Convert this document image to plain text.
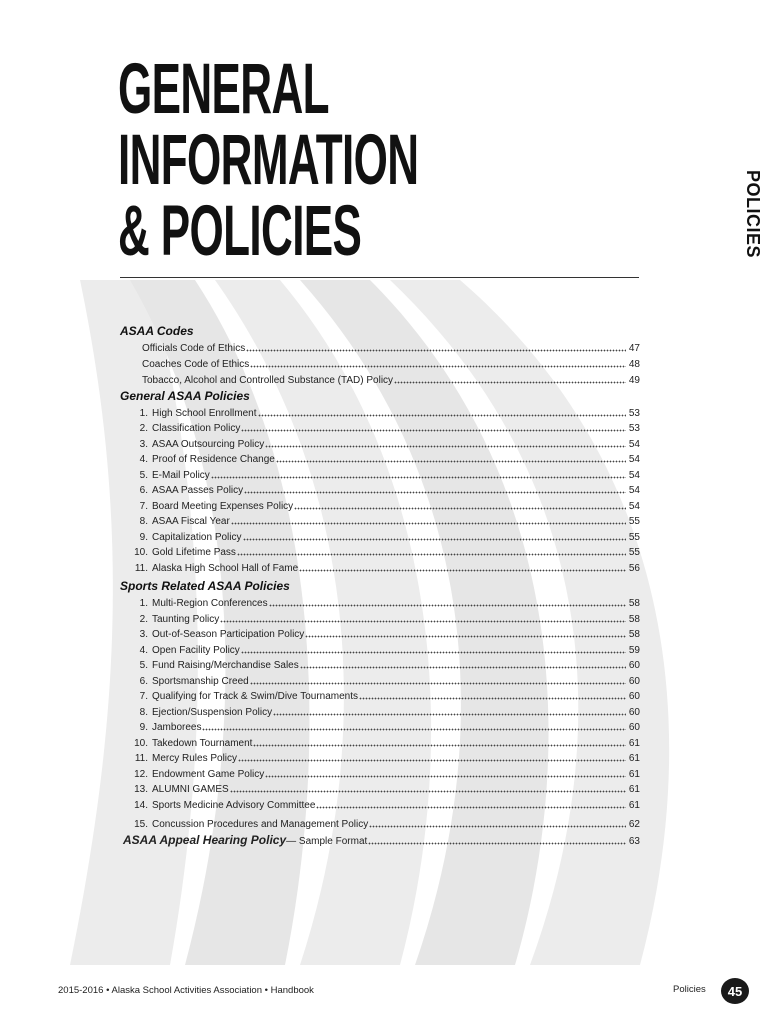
GENERAL
INFORMATION
& POLICIES	POLICIES
ASAA Codes
Officials Code of Ethics	47
Coaches Code of Ethics	48
Tobacco, Alcohol and Controlled Substance (TAD) Policy	49
General ASAA Policies
1. High School Enrollment	53
2. Classification Policy	53
3. ASAA Outsourcing Policy	54
4. Proof of Residence Change	54
5. E-Mail Policy	54
6. ASAA Passes Policy	54
7. Board Meeting Expenses Policy	54
8. ASAA Fiscal Year	55
9. Capitalization Policy	55
10. Gold Lifetime Pass	55
11. Alaska High School Hall of Fame	56
Sports Related ASAA Policies
1. Multi-Region Conferences	58
2. Taunting Policy	58
3. Out-of-Season Participation Policy	58
4. Open Facility Policy	59
5. Fund Raising/Merchandise Sales	60
6. Sportsmanship Creed	60
7. Qualifying for Track & Swim/Dive Tournaments	60
8. Ejection/Suspension Policy	60
9. Jamborees	60
10. Takedown Tournament	61
11. Mercy Rules Policy	61
12. Endowment Game Policy	61
13. ALUMNI GAMES	61
14. Sports Medicine Advisory Committee	61
15. Concussion Procedures and Management Policy	62
ASAA Appeal Hearing Policy — Sample Format	63
2015-2016 • Alaska School Activities Association • Handbook	Policies	45
